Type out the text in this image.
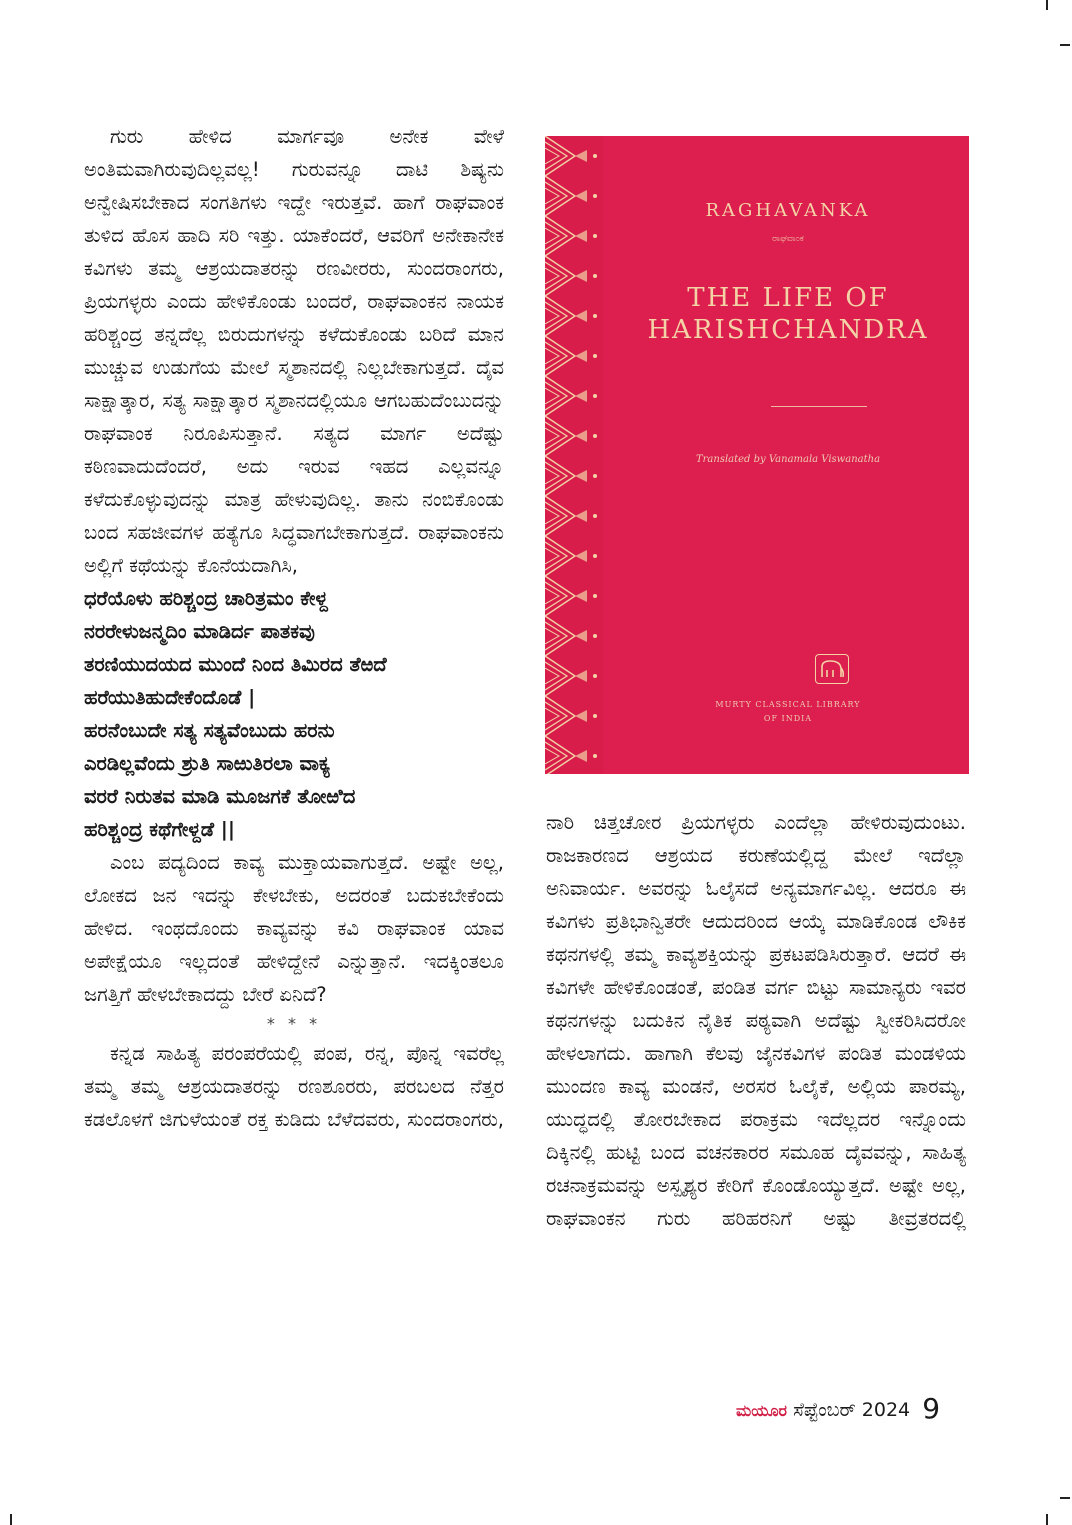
ಗುರು ಹೇಳಿದ ಮಾರ್ಗವೂ ಅನೇಕ ವೇಳೆ ಅಂತಿಮವಾಗಿರುವುದಿಲ್ಲವಲ್ಲ! ಗುರುವನ್ನೂ ದಾಟಿ ಶಿಷ್ಯನು ಅನ್ವೇಷಿಸಬೇಕಾದ ಸಂಗತಿಗಳು ಇದ್ದೇ ಇರುತ್ತವೆ. ಹಾಗೆ ರಾಘವಾಂಕ ತುಳಿದ ಹೊಸ ಹಾದಿ ಸರಿ ಇತ್ತು. ಯಾಕೆಂದರೆ, ಆವರಿಗೆ ಅನೇಕಾನೇಕ ಕವಿಗಳು ತಮ್ಮ ಆಶ್ರಯದಾತರನ್ನು ರಣವೀರರು, ಸುಂದರಾಂಗರು, ಪ್ರಿಯಗಳ್ಳರು ಎಂದು ಹೇಳಿಕೊಂಡು ಬಂದರೆ, ರಾಘವಾಂಕನ ನಾಯಕ ಹರಿಶ್ಚಂದ್ರ ತನ್ನದೆಲ್ಲ ಬಿರುದುಗಳನ್ನು ಕಳೆದುಕೊಂಡು ಬರಿದೆ ಮಾನ ಮುಚ್ಚುವ ಉಡುಗೆಯ ಮೇಲೆ ಸ್ಮಶಾನದಲ್ಲಿ ನಿಲ್ಲಬೇಕಾಗುತ್ತದೆ. ದೈವ ಸಾಕ್ಷಾತ್ಕಾರ, ಸತ್ಯ ಸಾಕ್ಷಾತ್ಕಾರ ಸ್ಮಶಾನದಲ್ಲಿಯೂ ಆಗಬಹುದೆಂಬುದನ್ನು ರಾಘವಾಂಕ ನಿರೂಪಿಸುತ್ತಾನೆ. ಸತ್ಯದ ಮಾರ್ಗ ಅದೆಷ್ಟು ಕಠಿಣವಾದುದೆಂದರೆ, ಅದು ಇರುವ ಇಹದ ಎಲ್ಲವನ್ನೂ ಕಳೆದುಕೊಳ್ಳುವುದನ್ನು ಮಾತ್ರ ಹೇಳುವುದಿಲ್ಲ. ತಾನು ನಂಬಿಕೊಂಡು ಬಂದ ಸಹಜೀವಗಳ ಹತ್ಯೆಗೂ ಸಿದ್ಧವಾಗಬೇಕಾಗುತ್ತದೆ. ರಾಘವಾಂಕನು ಅಲ್ಲಿಗೆ ಕಥೆಯನ್ನು ಕೊನೆಯದಾಗಿಸಿ,

ಧರೆಯೊಳು ಹರಿಶ್ಚಂದ್ರ ಚಾರಿತ್ರಮಂ ಕೇಳ್ದ
ನರರೇಳುಜನ್ಮದಿಂ ಮಾಡಿರ್ದ ಪಾತಕವು
ತರಣಿಯುದಯದ ಮುಂದೆ ನಿಂದ ತಿಮಿರದ ತೆಱದೆ
ಹರೆಯುತಿಹುದೇಕೆಂದೊಡೆ |
ಹರನೆಂಬುದೇ ಸತ್ಯ ಸತ್ಯವೆಂಬುದು ಹರನು
ಎರಡಿಲ್ಲವೆಂದು ಶ್ರುತಿ ಸಾಱುತಿರಲಾ ವಾಕ್ಯ
ವರರೆ ನಿರುತವ ಮಾಡಿ ಮೂಜಗಕೆ ತೋಱಿದ
ಹರಿಶ್ಚಂದ್ರ ಕಥೆಗೇಳ್ದಡೆ ||

ಎಂಬ ಪದ್ಯದಿಂದ ಕಾವ್ಯ ಮುಕ್ತಾಯವಾಗುತ್ತದೆ. ಅಷ್ಟೇ ಅಲ್ಲ, ಲೋಕದ ಜನ ಇದನ್ನು ಕೇಳಬೇಕು, ಅದರಂತೆ ಬದುಕಬೇಕೆಂದು ಹೇಳಿದ. ಇಂಥದೊಂದು ಕಾವ್ಯವನ್ನು ಕವಿ ರಾಘವಾಂಕ ಯಾವ ಅಪೇಕ್ಷೆಯೂ ಇಲ್ಲದಂತೆ ಹೇಳಿದ್ದೇನೆ ಎನ್ನುತ್ತಾನೆ. ಇದಕ್ಕಿಂತಲೂ ಜಗತ್ತಿಗೆ ಹೇಳಬೇಕಾದದ್ದು ಬೇರೆ ಏನಿದೆ?

* * *

ಕನ್ನಡ ಸಾಹಿತ್ಯ ಪರಂಪರೆಯಲ್ಲಿ ಪಂಪ, ರನ್ನ, ಪೊನ್ನ ಇವರೆಲ್ಲ ತಮ್ಮ ತಮ್ಮ ಆಶ್ರಯದಾತರನ್ನು ರಣಶೂರರು, ಪರಬಲದ ನೆತ್ತರ ಕಡಲೊಳಗೆ ಜಿಗುಳೆಯಂತೆ ರಕ್ತ ಕುಡಿದು ಬೆಳೆದವರು, ಸುಂದರಾಂಗರು,

RAGHAVANKA
ರಾಘವಾಂಕ
THE LIFE OF
HARISHCHANDRA
Translated by Vanamala Viswanatha
MURTY CLASSICAL LIBRARY
OF INDIA

ನಾರಿ ಚಿತ್ತಚೋರ ಪ್ರಿಯಗಳ್ಳರು ಎಂದೆಲ್ಲಾ ಹೇಳಿರುವುದುಂಟು. ರಾಜಕಾರಣದ ಆಶ್ರಯದ ಕರುಣೆಯಲ್ಲಿದ್ದ ಮೇಲೆ ಇದೆಲ್ಲಾ ಅನಿವಾರ್ಯ. ಅವರನ್ನು ಓಲೈಸದೆ ಅನ್ಯಮಾರ್ಗವಿಲ್ಲ. ಆದರೂ ಈ ಕವಿಗಳು ಪ್ರತಿಭಾನ್ವಿತರೇ ಆದುದರಿಂದ ಆಯ್ಕೆ ಮಾಡಿಕೊಂಡ ಲೌಕಿಕ ಕಥನಗಳಲ್ಲಿ ತಮ್ಮ ಕಾವ್ಯಶಕ್ತಿಯನ್ನು ಪ್ರಕಟಪಡಿಸಿರುತ್ತಾರೆ. ಆದರೆ ಈ ಕವಿಗಳೇ ಹೇಳಿಕೊಂಡಂತೆ, ಪಂಡಿತ ವರ್ಗ ಬಿಟ್ಟು ಸಾಮಾನ್ಯರು ಇವರ ಕಥನಗಳನ್ನು ಬದುಕಿನ ನೈತಿಕ ಪಠ್ಯವಾಗಿ ಅದೆಷ್ಟು ಸ್ವೀಕರಿಸಿದರೋ ಹೇಳಲಾಗದು. ಹಾಗಾಗಿ ಕೆಲವು ಜೈನಕವಿಗಳ ಪಂಡಿತ ಮಂಡಳಿಯ ಮುಂದಣ ಕಾವ್ಯ ಮಂಡನೆ, ಅರಸರ ಓಲೈಕೆ, ಅಲ್ಲಿಯ ಪಾರಮ್ಯ, ಯುದ್ಧದಲ್ಲಿ ತೋರಬೇಕಾದ ಪರಾಕ್ರಮ ಇದೆಲ್ಲದರ ಇನ್ನೊಂದು ದಿಕ್ಕಿನಲ್ಲಿ ಹುಟ್ಟಿ ಬಂದ ವಚನಕಾರರ ಸಮೂಹ ದೈವವನ್ನು, ಸಾಹಿತ್ಯ ರಚನಾಕ್ರಮವನ್ನು ಅಸ್ಪೃಶ್ಯರ ಕೇರಿಗೆ ಕೊಂಡೊಯ್ಯುತ್ತದೆ. ಅಷ್ಟೇ ಅಲ್ಲ, ರಾಘವಾಂಕನ ಗುರು ಹರಿಹರನಿಗೆ ಅಷ್ಟು ತೀವ್ರತರದಲ್ಲಿ

ಮಯೂರ ಸೆಪ್ಟೆಂಬರ್ 2024 9
